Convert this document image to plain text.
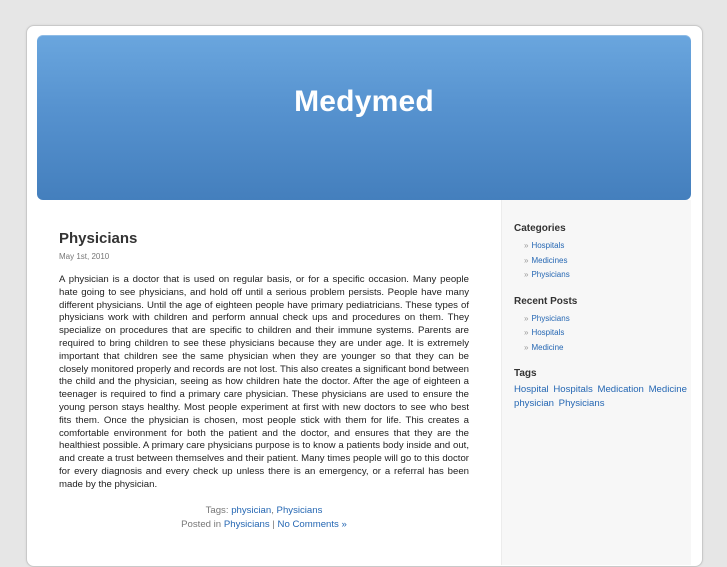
Medymed
Physicians
May 1st, 2010
A physician is a doctor that is used on regular basis, or for a specific occasion. Many people hate going to see physicians, and hold off until a serious problem persists. People have many different physicians. Until the age of eighteen people have primary pediatricians. These types of physicians work with children and perform annual check ups and procedures on them. They specialize on procedures that are specific to children and their immune systems. Parents are required to bring children to see these physicians because they are under age. It is extremely important that children see the same physician when they are younger so that they can be closely monitored properly and records are not lost. This also creates a significant bond between the child and the physician, seeing as how children hate the doctor. After the age of eighteen a teenager is required to find a primary care physician. These physicians are used to ensure the young person stays healthy. Most people experiment at first with new doctors to see who best fits them. Once the physician is chosen, most people stick with them for life. This creates a comfortable environment for both the patient and the doctor, and ensures that they are the healthiest possible. A primary care physicians purpose is to know a patients body inside and out, and create a trust between themselves and their patient. Many times people will go to this doctor for every diagnosis and every check up unless there is an emergency, or a referral has been made by the physician.
Tags: physician, Physicians
Posted in Physicians | No Comments »
Categories
» Hospitals
» Medicines
» Physicians
Recent Posts
» Physicians
» Hospitals
» Medicine
Tags
Hospital Hospitals Medication Medicine physician Physicians
